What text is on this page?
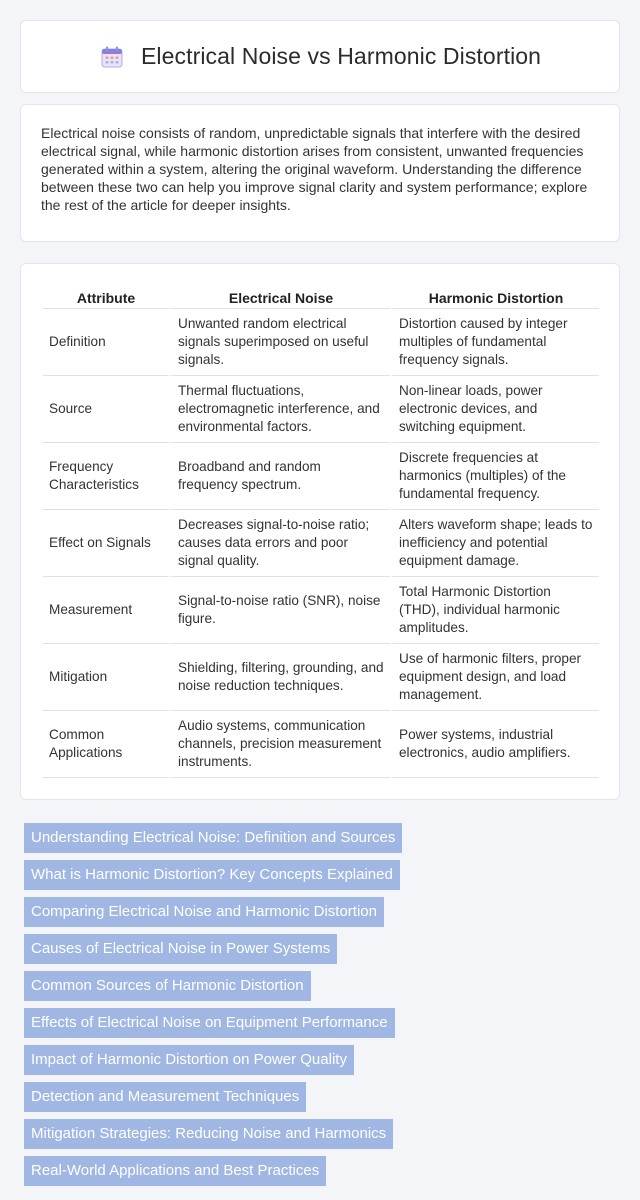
Electrical Noise vs Harmonic Distortion

Electrical noise consists of random, unpredictable signals that interfere with the desired electrical signal, while harmonic distortion arises from consistent, unwanted frequencies generated within a system, altering the original waveform. Understanding the difference between these two can help you improve signal clarity and system performance; explore the rest of the article for deeper insights.

Attribute	Electrical Noise	Harmonic Distortion
Definition	Unwanted random electrical signals superimposed on useful signals.	Distortion caused by integer multiples of fundamental frequency signals.
Source	Thermal fluctuations, electromagnetic interference, and environmental factors.	Non-linear loads, power electronic devices, and switching equipment.
Frequency Characteristics	Broadband and random frequency spectrum.	Discrete frequencies at harmonics (multiples) of the fundamental frequency.
Effect on Signals	Decreases signal-to-noise ratio; causes data errors and poor signal quality.	Alters waveform shape; leads to inefficiency and potential equipment damage.
Measurement	Signal-to-noise ratio (SNR), noise figure.	Total Harmonic Distortion (THD), individual harmonic amplitudes.
Mitigation	Shielding, filtering, grounding, and noise reduction techniques.	Use of harmonic filters, proper equipment design, and load management.
Common Applications	Audio systems, communication channels, precision measurement instruments.	Power systems, industrial electronics, audio amplifiers.
Understanding Electrical Noise: Definition and Sources
What is Harmonic Distortion? Key Concepts Explained
Comparing Electrical Noise and Harmonic Distortion
Causes of Electrical Noise in Power Systems
Common Sources of Harmonic Distortion
Effects of Electrical Noise on Equipment Performance
Impact of Harmonic Distortion on Power Quality
Detection and Measurement Techniques
Mitigation Strategies: Reducing Noise and Harmonics
Real-World Applications and Best Practices
